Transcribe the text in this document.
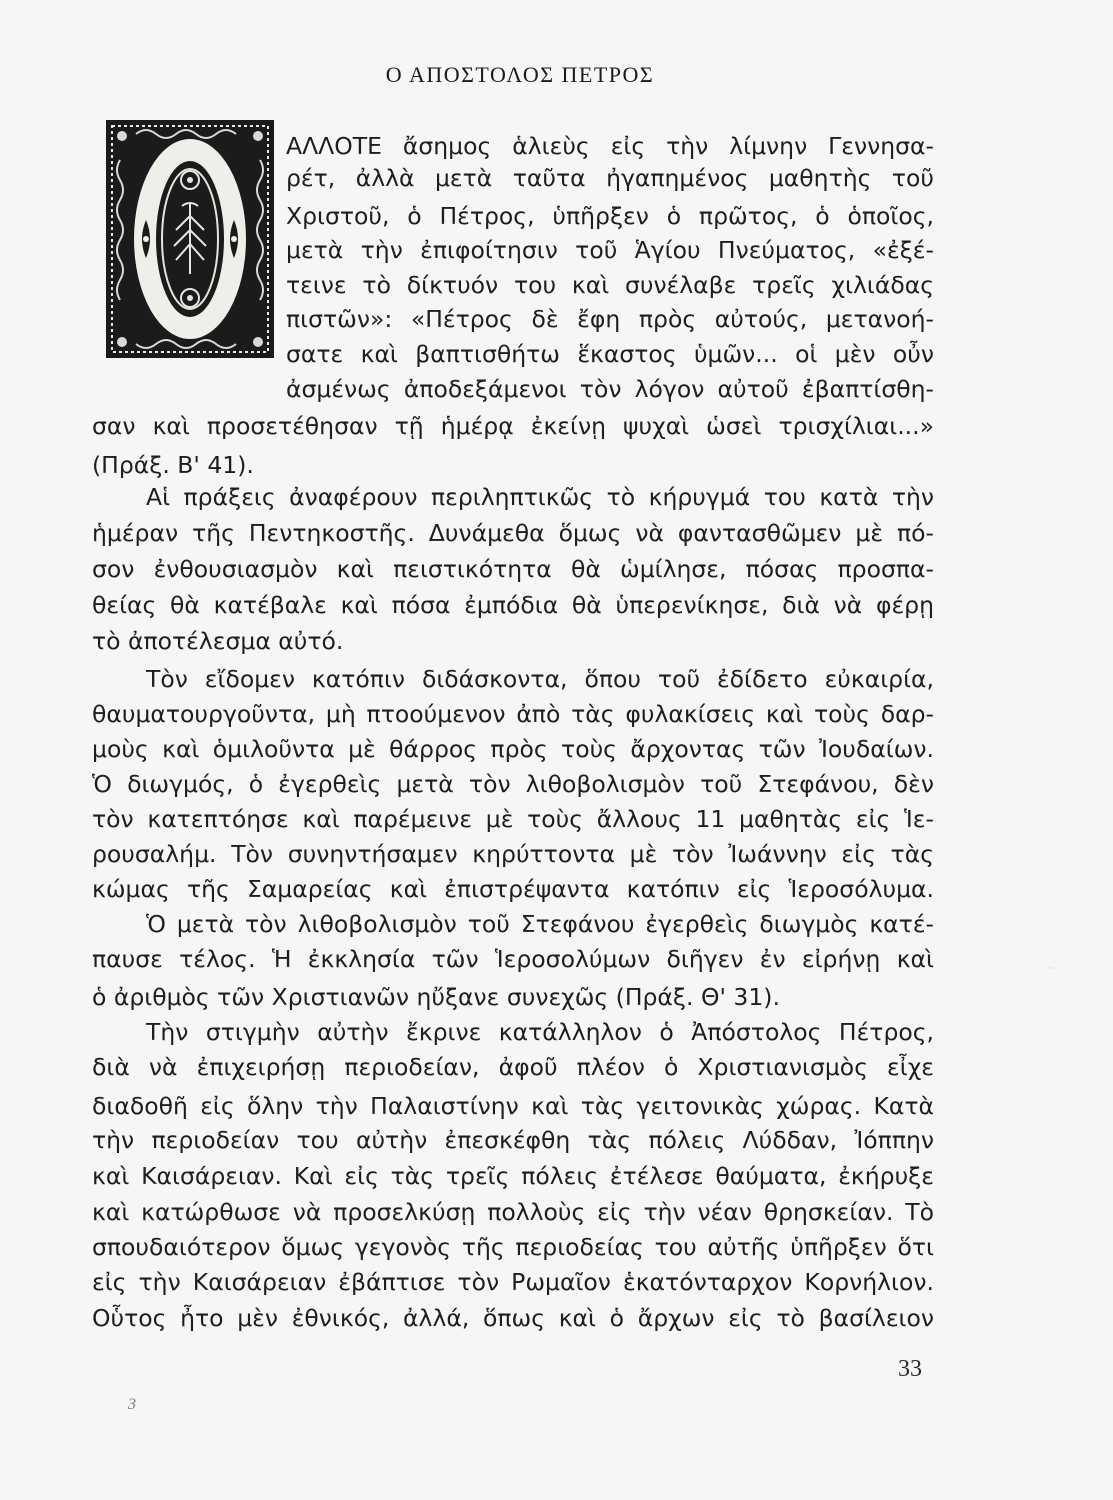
Ο ΑΠΟΣΤΟΛΟΣ ΠΕΤΡΟΣ
ΑΛΛΟΤΕ ἄσημος ἁλιεὺς εἰς τὴν λίμνην Γεννησα-
ρέτ, ἀλλὰ μετὰ ταῦτα ἠγαπημένος μαθητὴς τοῦ
Χριστοῦ, ὁ Πέτρος, ὑπῆρξεν ὁ πρῶτος, ὁ ὁποῖος,
μετὰ τὴν ἐπιφοίτησιν τοῦ Ἁγίου Πνεύματος, «ἐξέ-
τεινε τὸ δίκτυόν του καὶ συνέλαβε τρεῖς χιλιάδας
πιστῶν»: «Πέτρος δὲ ἔφη πρὸς αὐτούς, μετανοή-
σατε καὶ βαπτισθήτω ἕκαστος ὑμῶν... οἱ μὲν οὖν
ἀσμένως ἀποδεξάμενοι τὸν λόγον αὐτοῦ ἐβαπτίσθη-
σαν καὶ προσετέθησαν τῇ ἡμέρᾳ ἐκείνῃ ψυχαὶ ὡσεὶ τρισχίλιαι...»
(Πράξ. Β' 41).
Αἱ πράξεις ἀναφέρουν περιληπτικῶς τὸ κήρυγμά του κατὰ τὴν
ἡμέραν τῆς Πεντηκοστῆς. Δυνάμεθα ὅμως νὰ φαντασθῶμεν μὲ πό-
σον ἐνθουσιασμὸν καὶ πειστικότητα θὰ ὡμίλησε, πόσας προσπα-
θείας θὰ κατέβαλε καὶ πόσα ἐμπόδια θὰ ὑπερενίκησε, διὰ νὰ φέρῃ
τὸ ἀποτέλεσμα αὐτό.
Τὸν εἴδομεν κατόπιν διδάσκοντα, ὅπου τοῦ ἐδίδετο εὐκαιρία,
θαυματουργοῦντα, μὴ πτοούμενον ἀπὸ τὰς φυλακίσεις καὶ τοὺς δαρ-
μοὺς καὶ ὁμιλοῦντα μὲ θάρρος πρὸς τοὺς ἄρχοντας τῶν Ἰουδαίων.
Ὁ διωγμός, ὁ ἐγερθεὶς μετὰ τὸν λιθοβολισμὸν τοῦ Στεφάνου, δὲν
τὸν κατεπτόησε καὶ παρέμεινε μὲ τοὺς ἄλλους 11 μαθητὰς εἰς Ἱε-
ρουσαλήμ. Τὸν συνηντήσαμεν κηρύττοντα μὲ τὸν Ἰωάννην εἰς τὰς
κώμας τῆς Σαμαρείας καὶ ἐπιστρέψαντα κατόπιν εἰς Ἱεροσόλυμα.
Ὁ μετὰ τὸν λιθοβολισμὸν τοῦ Στεφάνου ἐγερθεὶς διωγμὸς κατέ-
παυσε τέλος. Ἡ ἐκκλησία τῶν Ἱεροσολύμων διῆγεν ἐν εἰρήνῃ καὶ
ὁ ἀριθμὸς τῶν Χριστιανῶν ηὔξανε συνεχῶς (Πράξ. Θ' 31).
Τὴν στιγμὴν αὐτὴν ἔκρινε κατάλληλον ὁ Ἀπόστολος Πέτρος,
διὰ νὰ ἐπιχειρήσῃ περιοδείαν, ἀφοῦ πλέον ὁ Χριστιανισμὸς εἶχε
διαδοθῆ εἰς ὅλην τὴν Παλαιστίνην καὶ τὰς γειτονικὰς χώρας. Κατὰ
τὴν περιοδείαν του αὐτὴν ἐπεσκέφθη τὰς πόλεις Λύδδαν, Ἰόππην
καὶ Καισάρειαν. Καὶ εἰς τὰς τρεῖς πόλεις ἐτέλεσε θαύματα, ἐκήρυξε
καὶ κατώρθωσε νὰ προσελκύσῃ πολλοὺς εἰς τὴν νέαν θρησκείαν. Τὸ
σπουδαιότερον ὅμως γεγονὸς τῆς περιοδείας του αὐτῆς ὑπῆρξεν ὅτι
εἰς τὴν Καισάρειαν ἐβάπτισε τὸν Ρωμαῖον ἑκατόνταρχον Κορνήλιον.
Οὗτος ἦτο μὲν ἐθνικός, ἀλλά, ὅπως καὶ ὁ ἄρχων εἰς τὸ βασίλειον
33
3
··
